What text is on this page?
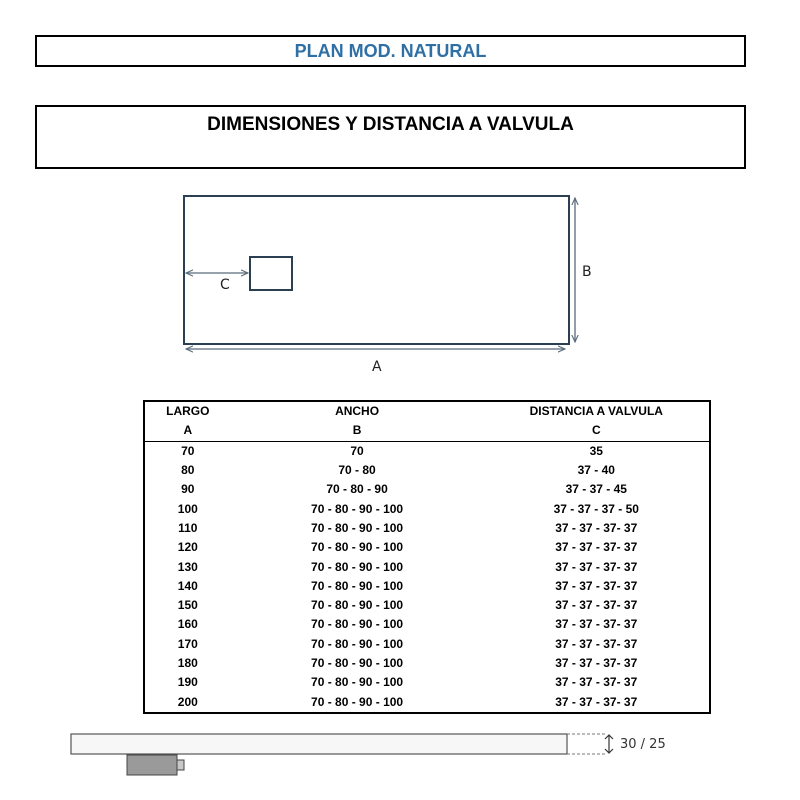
PLAN MOD. NATURAL
DIMENSIONES Y DISTANCIA A VALVULA
C
B
A
LARGO	ANCHO	DISTANCIA A VALVULA
A	B	C
70	70	35
80	70 - 80	37 - 40
90	70 - 80 - 90	37 - 37 - 45
100	70 - 80 - 90 - 100	37 - 37 - 37 - 50
110	70 - 80 - 90 - 100	37 - 37 - 37- 37
120	70 - 80 - 90 - 100	37 - 37 - 37- 37
130	70 - 80 - 90 - 100	37 - 37 - 37- 37
140	70 - 80 - 90 - 100	37 - 37 - 37- 37
150	70 - 80 - 90 - 100	37 - 37 - 37- 37
160	70 - 80 - 90 - 100	37 - 37 - 37- 37
170	70 - 80 - 90 - 100	37 - 37 - 37- 37
180	70 - 80 - 90 - 100	37 - 37 - 37- 37
190	70 - 80 - 90 - 100	37 - 37 - 37- 37
200	70 - 80 - 90 - 100	37 - 37 - 37- 37
30 / 25
